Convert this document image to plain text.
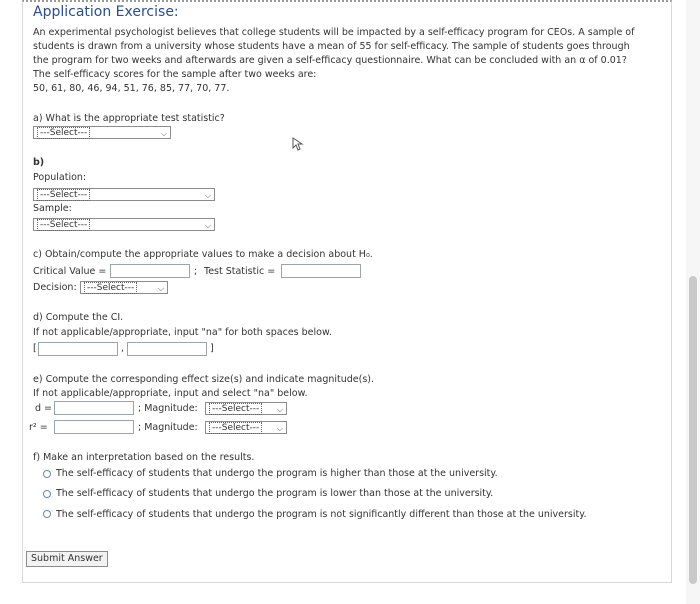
Application Exercise:
An experimental psychologist believes that college students will be impacted by a self-efficacy program for CEOs. A sample of
students is drawn from a university whose students have a mean of 55 for self-efficacy. The sample of students goes through
the program for two weeks and afterwards are given a self-efficacy questionnaire. What can be concluded with an α of 0.01?
The self-efficacy scores for the sample after two weeks are:
50, 61, 80, 46, 94, 51, 76, 85, 77, 70, 77.
a) What is the appropriate test statistic?
---Select---	⌵
b)
Population:
---Select---	⌵
Sample:
---Select---	⌵
c) Obtain/compute the appropriate values to make a decision about H₀.
Critical Value =	; Test Statistic =
Decision:	---Select---	⌵
d) Compute the CI.
If not applicable/appropriate, input "na" for both spaces below.
[	,	]
e) Compute the corresponding effect size(s) and indicate magnitude(s).
If not applicable/appropriate, input and select "na" below.
d =	; Magnitude:	---Select--- ⌵
r² =	; Magnitude:	---Select--- ⌵
f) Make an interpretation based on the results.
The self-efficacy of students that undergo the program is higher than those at the university.
The self-efficacy of students that undergo the program is lower than those at the university.
The self-efficacy of students that undergo the program is not significantly different than those at the university.
Submit Answer
